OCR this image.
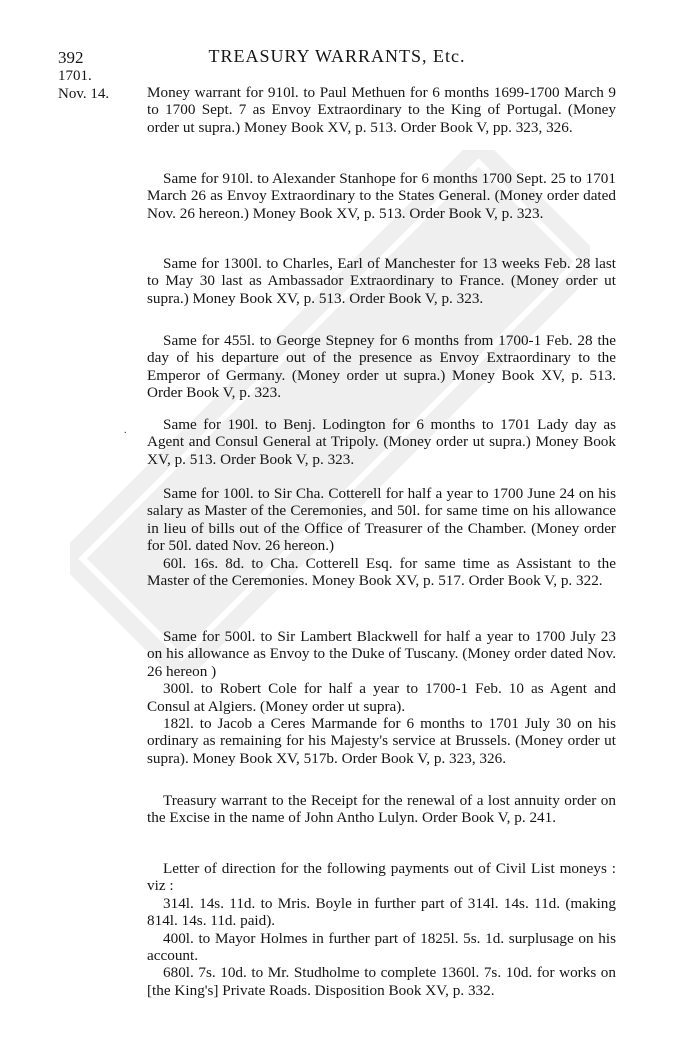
392	TREASURY WARRANTS, Etc.
1701.
Nov. 14.
.

Money warrant for 910l. to Paul Methuen for 6 months 1699-1700 March 9 to 1700 Sept. 7 as Envoy Extraordinary to the King of Portugal. (Money order ut supra.) Money Book XV, p. 513. Order Book V, pp. 323, 326.

Same for 910l. to Alexander Stanhope for 6 months 1700 Sept. 25 to 1701 March 26 as Envoy Extraordinary to the States General. (Money order dated Nov. 26 hereon.) Money Book XV, p. 513. Order Book V, p. 323.

Same for 1300l. to Charles, Earl of Manchester for 13 weeks Feb. 28 last to May 30 last as Ambassador Extraordinary to France. (Money order ut supra.) Money Book XV, p. 513. Order Book V, p. 323.

Same for 455l. to George Stepney for 6 months from 1700-1 Feb. 28 the day of his departure out of the presence as Envoy Extraordinary to the Emperor of Germany. (Money order ut supra.) Money Book XV, p. 513. Order Book V, p. 323.

Same for 190l. to Benj. Lodington for 6 months to 1701 Lady day as Agent and Consul General at Tripoly. (Money order ut supra.) Money Book XV, p. 513. Order Book V, p. 323.

Same for 100l. to Sir Cha. Cotterell for half a year to 1700 June 24 on his salary as Master of the Ceremonies, and 50l. for same time on his allowance in lieu of bills out of the Office of Treasurer of the Chamber. (Money order for 50l. dated Nov. 26 hereon.)

60l. 16s. 8d. to Cha. Cotterell Esq. for same time as Assistant to the Master of the Ceremonies. Money Book XV, p. 517. Order Book V, p. 322.

Same for 500l. to Sir Lambert Blackwell for half a year to 1700 July 23 on his allowance as Envoy to the Duke of Tuscany. (Money order dated Nov. 26 hereon )

300l. to Robert Cole for half a year to 1700-1 Feb. 10 as Agent and Consul at Algiers. (Money order ut supra).

182l. to Jacob a Ceres Marmande for 6 months to 1701 July 30 on his ordinary as remaining for his Majesty's service at Brussels. (Money order ut supra). Money Book XV, 517b. Order Book V, p. 323, 326.

Treasury warrant to the Receipt for the renewal of a lost annuity order on the Excise in the name of John Antho Lulyn. Order Book V, p. 241.

Letter of direction for the following payments out of Civil List moneys : viz :

314l. 14s. 11d. to Mris. Boyle in further part of 314l. 14s. 11d. (making 814l. 14s. 11d. paid).

400l. to Mayor Holmes in further part of 1825l. 5s. 1d. surplusage on his account.

680l. 7s. 10d. to Mr. Studholme to complete 1360l. 7s. 10d. for works on [the King's] Private Roads. Disposition Book XV, p. 332.
